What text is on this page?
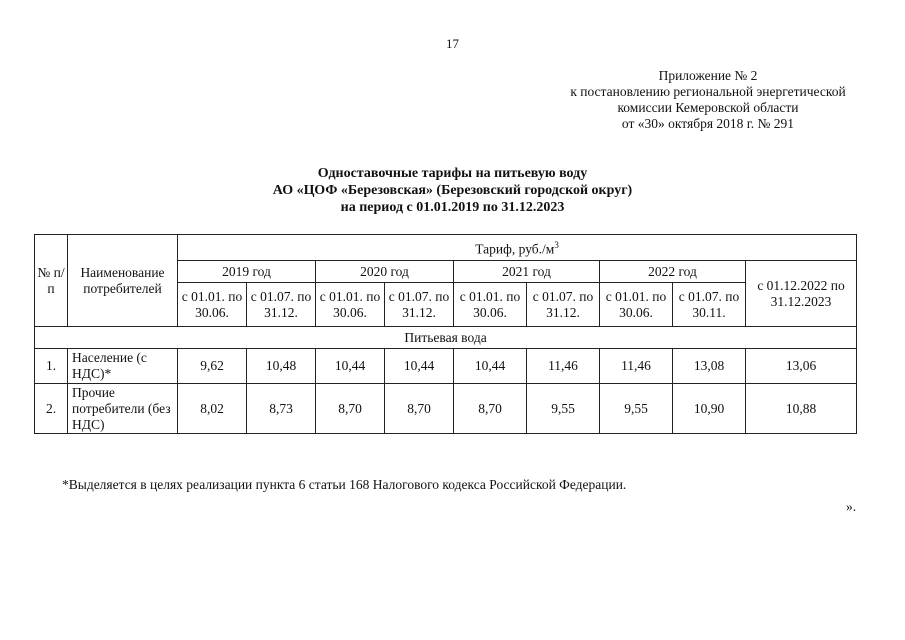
17
Приложение № 2
к постановлению региональной энергетической
комиссии Кемеровской области
от «30» октября 2018 г. № 291
Одноставочные тарифы на питьевую воду
АО «ЦОФ «Березовская» (Березовский городской округ)
на период с 01.01.2019 по 31.12.2023
№ п/п	Наименование потребителей	Тариф, $руб./м^3$
		2019 год		2020 год		2021 год		2022 год		с 01.12.2022 по 31.12.2023
		с 01.01. по 30.06.	с 01.07. по 31.12.	с 01.01. по 30.06.	с 01.07. по 31.12.	с 01.01. по 30.06.	с 01.07. по 31.12.	с 01.01. по 30.06.	с 01.07. по 30.11.	
Питьевая вода										
1.	Население (с НДС)*	9,62	10,48	10,44	10,44	10,44	11,46	11,46	13,08	13,06
2.	Прочие потребители (без НДС)	8,02	8,73	8,70	8,70	8,70	9,55	9,55	10,90	10,88
*Выделяется в целях реализации пункта 6 статьи 168 Налогового кодекса Российской Федерации.
».
